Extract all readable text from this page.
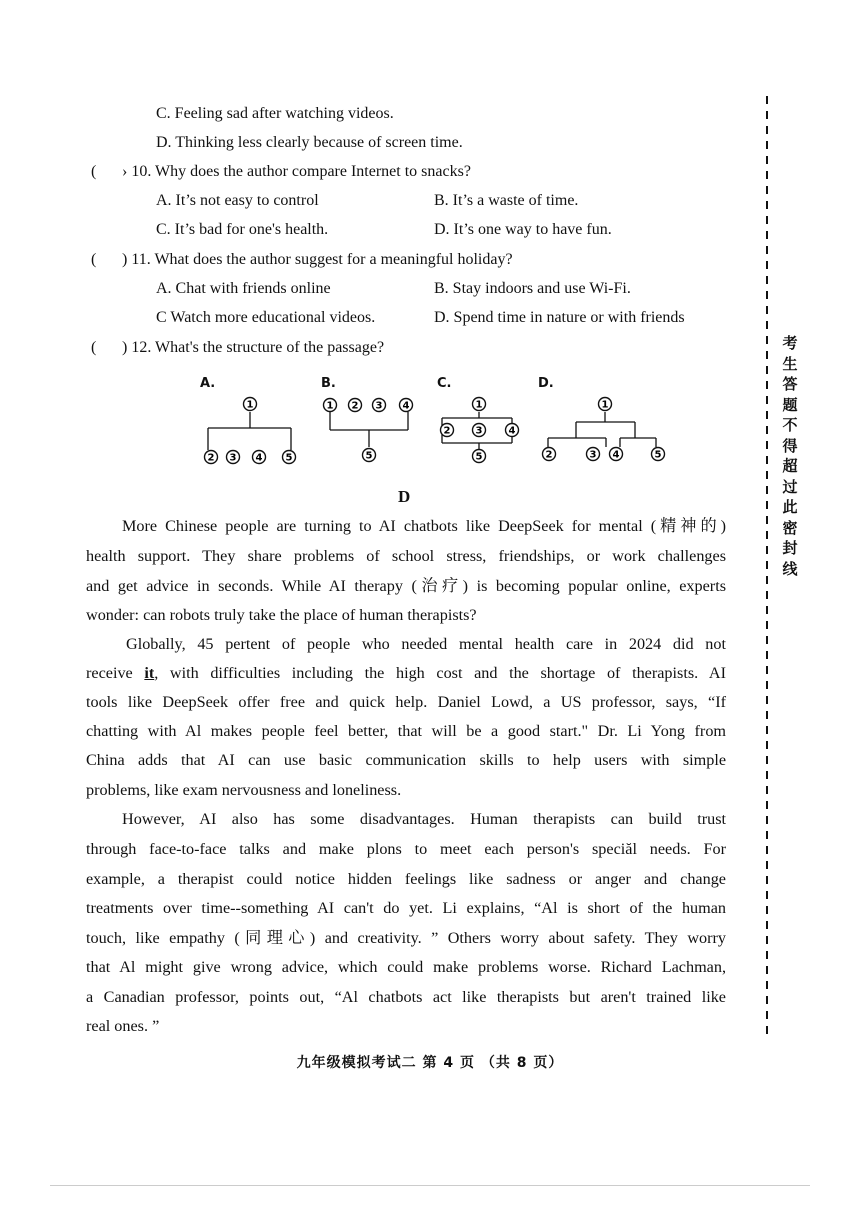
C. Feeling sad after watching videos.
D. Thinking less clearly because of screen time.
( › 10. Why does the author compare Internet to snacks?
A. It’s not easy to control	B. It’s a waste of time.
C. It’s bad for one's health.	D. It’s one way to have fun.
( ) 11. What does the author suggest for a meaningful holiday?
A. Chat with friends online	B. Stay indoors and use Wi-Fi.
C Watch more educational videos.	D. Spend time in nature or with friends
( ) 12. What's the structure of the passage?
A.	B.	C.	D.
1
2 3 4 5
1 2 3 4
5
1
2	3	4
5
1
2	3 4	5
D
More Chinese people are turning to AI chatbots like DeepSeek for mental (精神的)
health support. They share problems of school stress, friendships, or work challenges
and get advice in seconds. While AI therapy (治疗) is becoming popular online, experts
wonder: can robots truly take the place of human therapists?
Globally, 45 pertent of people who needed mental health care in 2024 did not
receive it, with difficulties including the high cost and the shortage of therapists. AI
tools like DeepSeek offer free and quick help. Daniel Lowd, a US professor, says, “If
chatting with Al makes people feel better, that will be a good start." Dr. Li Yong from
China adds that AI can use basic communication skills to help users with simple
problems, like exam nervousness and loneliness.
However, AI also has some disadvantages. Human therapists can build trust
through face-to-face talks and make plons to meet each person's speciăl needs. For
example, a therapist could notice hidden feelings like sadness or anger and change
treatments over time--something AI can't do yet. Li explains, “Al is short of the human
touch, like empathy (同理心) and creativity. ” Others worry about safety. They worry
that Al might give wrong advice, which could make problems worse. Richard Lachman,
a Canadian professor, points out, “Al chatbots act like therapists but aren't trained like
real ones. ”
九年级模拟考试二 第 4 页 （共 8 页）
考
生
答
题
不
得
超
过
此
密
封
线
